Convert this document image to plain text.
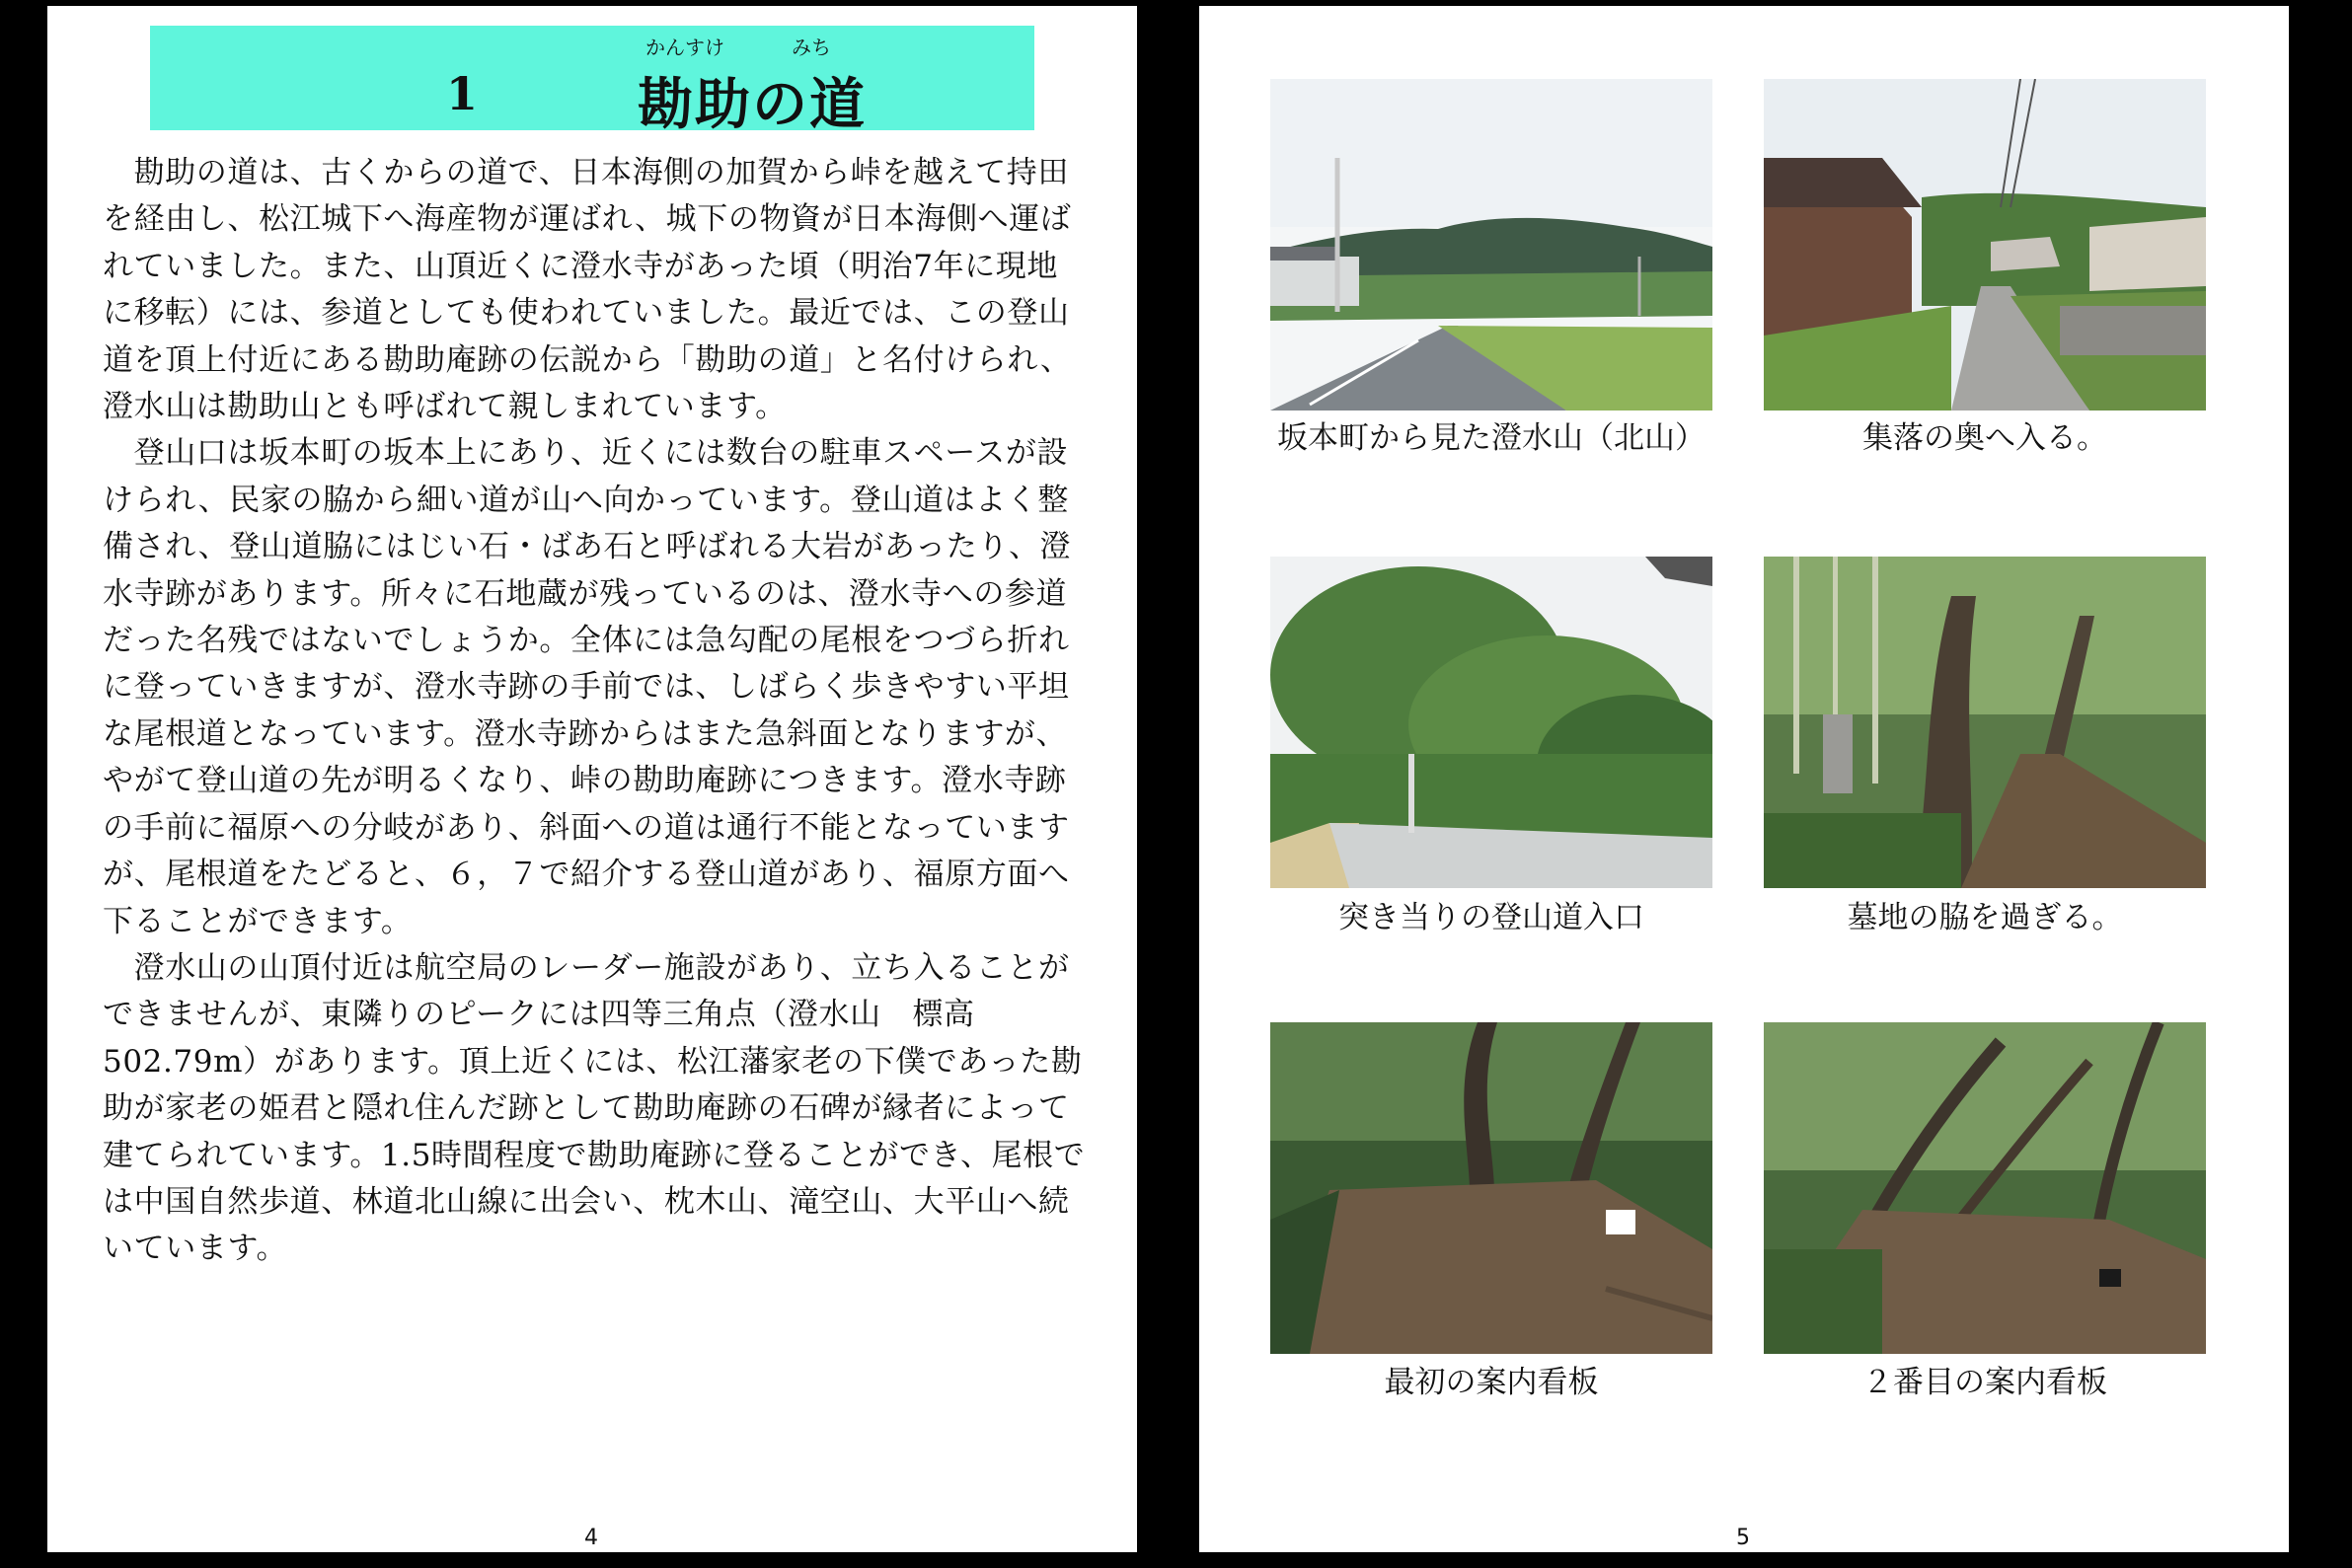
かんすけ	みち
1	勘助の道
　勘助の道は、古くからの道で、日本海側の加賀から峠を越えて持田
を経由し、松江城下へ海産物が運ばれ、城下の物資が日本海側へ運ば
れていました。また、山頂近くに澄水寺があった頃（明治7年に現地
に移転）には、参道としても使われていました。最近では、この登山
道を頂上付近にある勘助庵跡の伝説から「勘助の道」と名付けられ、
澄水山は勘助山とも呼ばれて親しまれています。
　登山口は坂本町の坂本上にあり、近くには数台の駐車スペースが設
けられ、民家の脇から細い道が山へ向かっています。登山道はよく整
備され、登山道脇にはじい石・ばあ石と呼ばれる大岩があったり、澄
水寺跡があります。所々に石地蔵が残っているのは、澄水寺への参道
だった名残ではないでしょうか。全体には急勾配の尾根をつづら折れ
に登っていきますが、澄水寺跡の手前では、しばらく歩きやすい平坦
な尾根道となっています。澄水寺跡からはまた急斜面となりますが、
やがて登山道の先が明るくなり、峠の勘助庵跡につきます。澄水寺跡
の手前に福原への分岐があり、斜面への道は通行不能となっています
が、尾根道をたどると、６，７で紹介する登山道があり、福原方面へ
下ることができます。
　澄水山の山頂付近は航空局のレーダー施設があり、立ち入ることが
できませんが、東隣りのピークには四等三角点（澄水山　標高
502.79m）があります。頂上近くには、松江藩家老の下僕であった勘
助が家老の姫君と隠れ住んだ跡として勘助庵跡の石碑が縁者によって
建てられています。1.5時間程度で勘助庵跡に登ることができ、尾根で
は中国自然歩道、林道北山線に出会い、枕木山、滝空山、大平山へ続
いています。
4
坂本町から見た澄水山（北山）	集落の奥へ入る。
突き当りの登山道入口	墓地の脇を過ぎる。
最初の案内看板	２番目の案内看板
5
